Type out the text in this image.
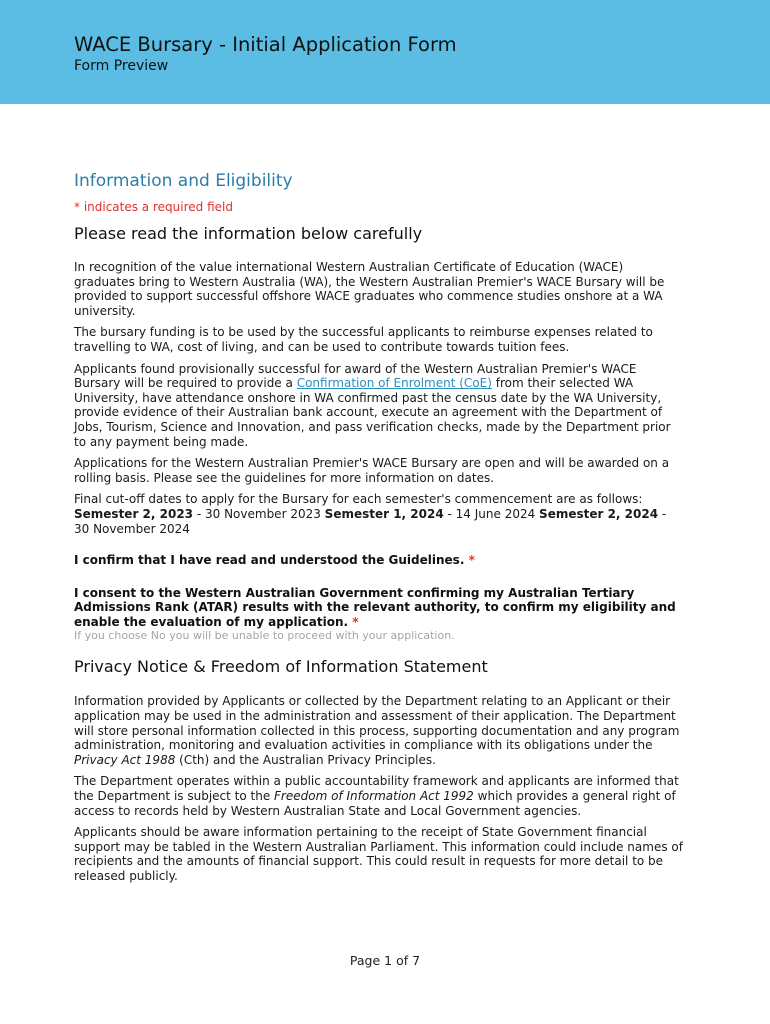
WACE Bursary - Initial Application Form
Form Preview
Information and Eligibility

* indicates a required field

Please read the information below carefully

In recognition of the value international Western Australian Certificate of Education (WACE) graduates bring to Western Australia (WA), the Western Australian Premier's WACE Bursary will be provided to support successful offshore WACE graduates who commence studies onshore at a WA university.

The bursary funding is to be used by the successful applicants to reimburse expenses related to travelling to WA, cost of living, and can be used to contribute towards tuition fees.

Applicants found provisionally successful for award of the Western Australian Premier's WACE Bursary will be required to provide a Confirmation of Enrolment (CoE) from their selected WA University, have attendance onshore in WA confirmed past the census date by the WA University, provide evidence of their Australian bank account, execute an agreement with the Department of Jobs, Tourism, Science and Innovation, and pass verification checks, made by the Department prior to any payment being made.

Applications for the Western Australian Premier's WACE Bursary are open and will be awarded on a rolling basis. Please see the guidelines for more information on dates.

Final cut-off dates to apply for the Bursary for each semester's commencement are as follows: Semester 2, 2023 - 30 November 2023 Semester 1, 2024 - 14 June 2024 Semester 2, 2024 - 30 November 2024

I confirm that I have read and understood the Guidelines. *

I consent to the Western Australian Government confirming my Australian Tertiary Admissions Rank (ATAR) results with the relevant authority, to confirm my eligibility and enable the evaluation of my application. *

If you choose No you will be unable to proceed with your application.

Privacy Notice & Freedom of Information Statement

Information provided by Applicants or collected by the Department relating to an Applicant or their application may be used in the administration and assessment of their application. The Department will store personal information collected in this process, supporting documentation and any program administration, monitoring and evaluation activities in compliance with its obligations under the Privacy Act 1988 (Cth) and the Australian Privacy Principles.

The Department operates within a public accountability framework and applicants are informed that the Department is subject to the Freedom of Information Act 1992 which provides a general right of access to records held by Western Australian State and Local Government agencies.

Applicants should be aware information pertaining to the receipt of State Government financial support may be tabled in the Western Australian Parliament. This information could include names of recipients and the amounts of financial support. This could result in requests for more detail to be released publicly.

Page 1 of 7
